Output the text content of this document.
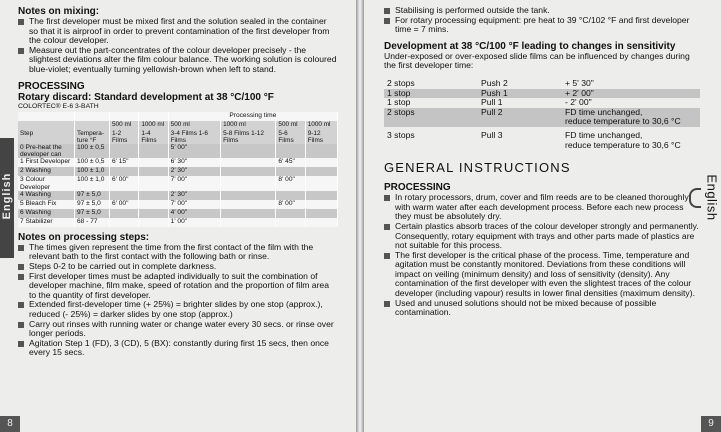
English

Notes on mixing:

The first developer must be mixed first and the solution sealed in the container so that it is airproof in order to prevent contamination of the first developer from the colour developer.
Measure out the part-concentrates of the colour developer precisely - the slightest deviations alter the film colour balance. The working solution is coloured blue-violet; eventually turning yellowish-brown when left to stand.

PROCESSING

Rotary discard: Standard development at 38 °C/100 °F

COLORTEC® E-6 3-BATH

				Processing time			
		500 ml	1000 ml	500 ml	1000 ml	500 ml	1000 ml
Step	Tempera-ture °F	1-2 Films	1-4 Films	3-4 Films 1-6 Films	5-8 Films 1-12 Films	5-6 Films	9-12 Films
0 Pre-heat the developer can	100 ± 0,5			5' 00"			
1 First Developer	100 ± 0,5	6' 15"		6' 30"		6' 45"	
2 Washing	100 ± 1,0			2' 30"			
3 Colour Developer	100 ± 1,0	6' 00"		7' 00"		8' 00"	
4 Washing	97 ± 5,0			2' 30"			
5 Bleach Fix	97 ± 5,0	6' 00"		7' 00"		8' 00"	
6 Washing	97 ± 5,0			4' 00"			
7 Stabilizer	68 - 77			1' 00"			

Notes on processing steps:

The times given represent the time from the first contact of the film with the relevant bath to the first contact with the following bath or rinse.
Steps 0-2 to be carried out in complete darkness.
First developer times must be adapted individually to suit the combination of developer machine, film make, speed of rotation and the proportion of film area to the quantity of first developer.
Extended first-developer time (+ 25%) = brighter slides by one stop (approx.), reduced (- 25%) = darker slides by one stop (approx.)
Carry out rinses with running water or change water every 30 secs. or rinse over longer periods.
Agitation Step 1 (FD), 3 (CD), 5 (BX): constantly during first 15 secs, then once every 15 secs.
8
Stabilising is performed outside the tank.
For rotary processing equipment: pre heat to 39 °C/102 °F and first developer time = 7 mins.

Development at 38 °C/100 °F leading to changes in sensitivity

Under-exposed or over-exposed slide films can be influenced by changes during the first developer time:

2 stops	Push 2	+ 5' 30"
1 stop	Push 1	+ 2' 00"
1 stop	Pull 1	- 2' 00"
2 stops	Pull 2	FD time unchanged,
		reduce temperature to 30,6 °C
3 stops	Pull 3	FD time unchanged,
		reduce temperature to 30,6 °C

GENERAL INSTRUCTIONS

PROCESSING

In rotary processors, drum, cover and film reeds are to be cleaned thoroughly with warm water after each development process. Before each new process they must be absolutely dry.
Certain plastics absorb traces of the colour developer strongly and permanently. Consequently, rotary equipment with trays and other parts made of plastics are not suitable for this process.
The first developer is the critical phase of the process. Time, temperature and agitation must be constantly monitored. Deviations from these conditions will impact on veiling (minimum density) and loss of sensitivity (density). Any contamination of the first developer with even the slightest traces of the colour developer (including vapour) results in lower final densities (maximum density).
Used and unused solutions should not be mixed because of possible contamination.
English
9
